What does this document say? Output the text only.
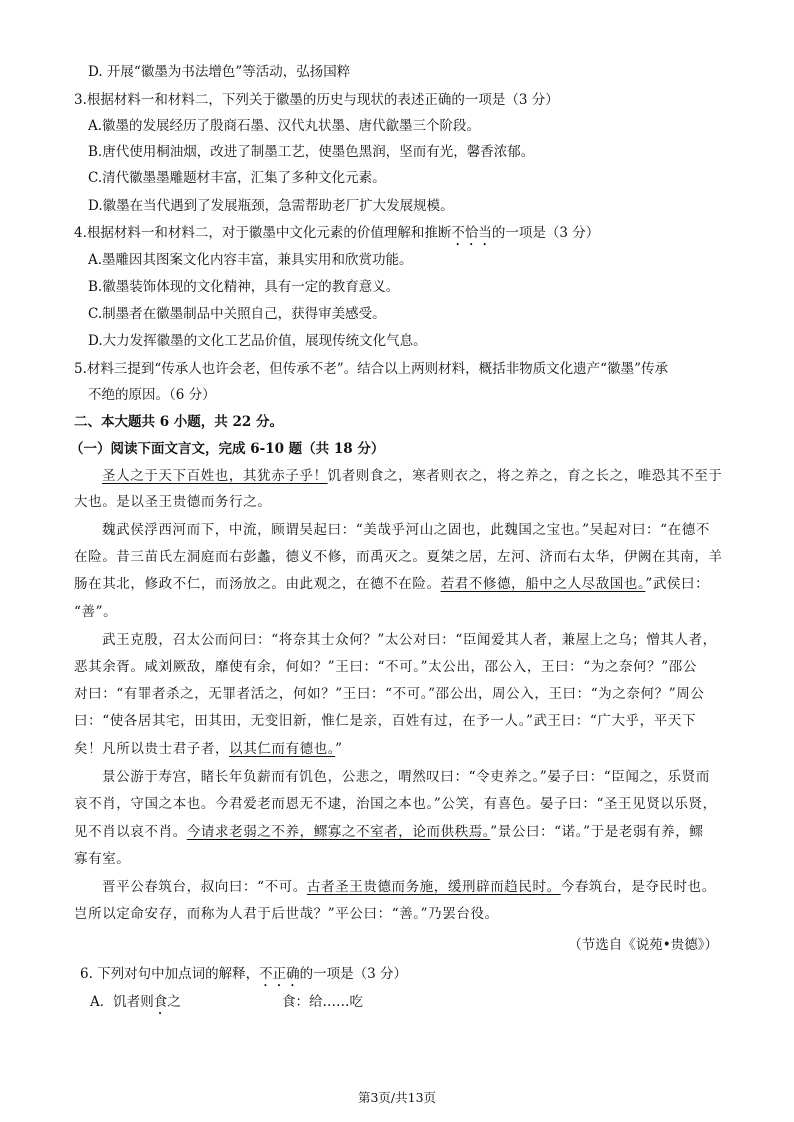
D. 开展“徽墨为书法增色”等活动，弘扬国粹
3.根据材料一和材料二，下列关于徽墨的历史与现状的表述正确的一项是（3 分）
A.徽墨的发展经历了殷商石墨、汉代丸状墨、唐代歙墨三个阶段。
B.唐代使用桐油烟，改进了制墨工艺，使墨色黑润，坚而有光，馨香浓郁。
C.清代徽墨墨雕题材丰富，汇集了多种文化元素。
D.徽墨在当代遇到了发展瓶颈，急需帮助老厂扩大发展规模。
4.根据材料一和材料二，对于徽墨中文化元素的价值理解和推断不恰当的一项是（3 分）
A.墨雕因其图案文化内容丰富，兼具实用和欣赏功能。
B.徽墨装饰体现的文化精神，具有一定的教育意义。
C.制墨者在徽墨制品中关照自己，获得审美感受。
D.大力发挥徽墨的文化工艺品价值，展现传统文化气息。
5.材料三提到“传承人也许会老，但传承不老”。结合以上两则材料，概括非物质文化遗产“徽墨”传承
不绝的原因。（6 分）
二、本大题共 6 小题，共 22 分。
（一）阅读下面文言文，完成 6-10 题（共 18 分）
圣人之于天下百姓也，其犹赤子乎！饥者则食之，寒者则衣之，将之养之，育之长之，唯恐其不至于
大也。是以圣王贵德而务行之。
魏武侯浮西河而下，中流，顾谓吴起曰：“美哉乎河山之固也，此魏国之宝也。”吴起对曰：“在德不
在险。昔三苗氏左洞庭而右彭蠡，德义不修，而禹灭之。夏桀之居，左河、济而右太华，伊阙在其南，羊
肠在其北，修政不仁，而汤放之。由此观之，在德不在险。若君不修德，船中之人尽敌国也。”武侯曰：
“善”。
武王克殷，召太公而问曰：“将奈其士众何？”太公对曰：“臣闻爱其人者，兼屋上之乌；憎其人者，
恶其余胥。咸刘厥敌，靡使有余，何如？”王曰：“不可。”太公出，邵公入，王曰：“为之奈何？”邵公
对曰：“有罪者杀之，无罪者活之，何如？”王曰：“不可。”邵公出，周公入，王曰：“为之奈何？”周公
曰：“使各居其宅，田其田，无变旧新，惟仁是亲，百姓有过，在予一人。”武王曰：“广大乎，平天下
矣！凡所以贵士君子者，以其仁而有德也。”
景公游于寿宫，睹长年负薪而有饥色，公悲之，喟然叹曰：“令吏养之。”晏子曰：“臣闻之，乐贤而
哀不肖，守国之本也。今君爱老而恩无不逮，治国之本也。”公笑，有喜色。晏子曰：“圣王见贤以乐贤，
见不肖以哀不肖。今请求老弱之不养，鳏寡之不室者，论而供秩焉。”景公曰：“诺。”于是老弱有养，鳏
寡有室。
晋平公春筑台，叔向曰：“不可。古者圣王贵德而务施，缓刑辟而趋民时。今春筑台，是夺民时也。
岂所以定命安存，而称为人君于后世哉？”平公曰：“善。”乃罢台役。
（节选自《说苑•贵德》）
6. 下列对句中加点词的解释，不正确的一项是（3 分）
A．饥者则食之	食：给……吃
第3页/共13页
